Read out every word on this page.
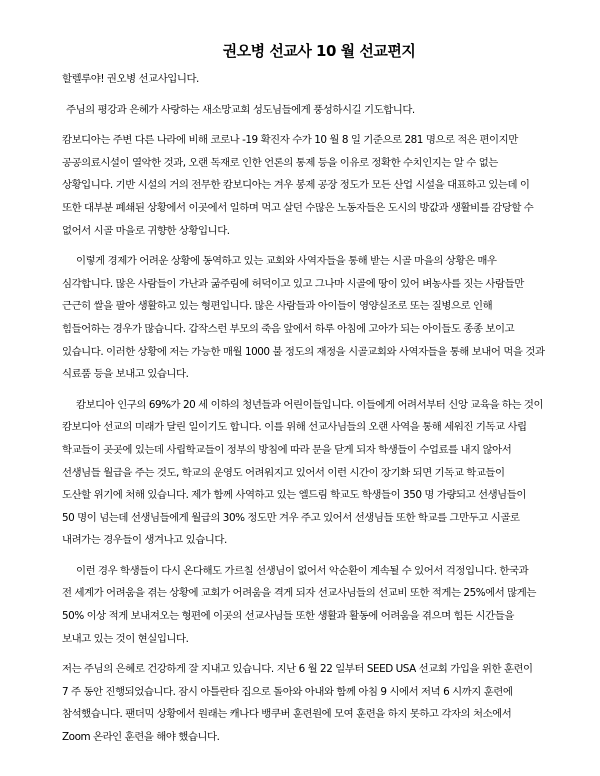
권오병 선교사 10 월 선교편지
할렐루야! 권오병 선교사입니다.
주님의 평강과 은혜가 사랑하는 새소망교회 성도님들에게 풍성하시길 기도합니다.
캄보디아는 주변 다른 나라에 비해 코로나 -19 확진자 수가 10 월 8 일 기준으로 281 명으로 적은 편이지만
공공의료시설이 열악한 것과, 오랜 독재로 인한 언론의 통제 등을 이유로 정확한 수치인지는 알 수 없는
상황입니다. 기반 시설의 거의 전무한 캄보디아는 겨우 봉제 공장 정도가 모든 산업 시설을 대표하고 있는데 이
또한 대부분 폐쇄된 상황에서 이곳에서 일하며 먹고 살던 수많은 노동자들은 도시의 방값과 생활비를 감당할 수
없어서 시골 마을로 귀향한 상황입니다.
이렇게 경제가 어려운 상황에 동역하고 있는 교회와 사역자들을 통해 받는 시골 마을의 상황은 매우
심각합니다. 많은 사람들이 가난과 굶주림에 허덕이고 있고 그나마 시골에 땅이 있어 벼농사를 짓는 사람들만
근근히 쌀을 팔아 생활하고 있는 형편입니다. 많은 사람들과 아이들이 영양실조로 또는 질병으로 인해
힘들어하는 경우가 많습니다. 갑작스런 부모의 죽음 앞에서 하루 아침에 고아가 되는 아이들도 종종 보이고
있습니다. 이러한 상황에 저는 가능한 매월 1000 불 정도의 재정을 시골교회와 사역자들을 통해 보내어 먹을 것과
식료품 등을 보내고 있습니다.
캄보디아 인구의 69%가 20 세 이하의 청년들과 어린이들입니다. 이들에게 어려서부터 신앙 교육을 하는 것이
캄보디아 선교의 미래가 달린 일이기도 합니다. 이를 위해 선교사님들의 오랜 사역을 통해 세워진 기독교 사립
학교들이 곳곳에 있는데 사립학교들이 정부의 방침에 따라 문을 닫게 되자 학생들이 수업료를 내지 않아서
선생님들 월급을 주는 것도, 학교의 운영도 어려워지고 있어서 이런 시간이 장기화 되면 기독교 학교들이
도산할 위기에 처해 있습니다. 제가 함께 사역하고 있는 엘드림 학교도 학생들이 350 명 가량되고 선생님들이
50 명이 넘는데 선생님들에게 월급의 30% 정도만 겨우 주고 있어서 선생님들 또한 학교를 그만두고 시골로
내려가는 경우들이 생겨나고 있습니다.
이런 경우 학생들이 다시 온다해도 가르칠 선생님이 없어서 악순환이 계속될 수 있어서 걱정입니다. 한국과
전 세계가 어려움을 겪는 상황에 교회가 어려움을 격게 되자 선교사님들의 선교비 또한 적게는 25%에서 많게는
50% 이상 적게 보내져오는 형편에 이곳의 선교사님들 또한 생활과 활동에 어려움을 겪으며 힘든 시간들을
보내고 있는 것이 현실입니다.
저는 주님의 은혜로 건강하게 잘 지내고 있습니다. 지난 6 월 22 일부터 SEED USA 선교회 가입을 위한 훈련이
7 주 동안 진행되었습니다. 잠시 아틀란타 집으로 돌아와 아내와 함께 아침 9 시에서 저녁 6 시까지 훈련에
참석했습니다. 팬더믹 상황에서 원래는 캐나다 뱅쿠버 훈련원에 모여 훈련을 하지 못하고 각자의 처소에서
Zoom 온라인 훈련을 해야 했습니다.
